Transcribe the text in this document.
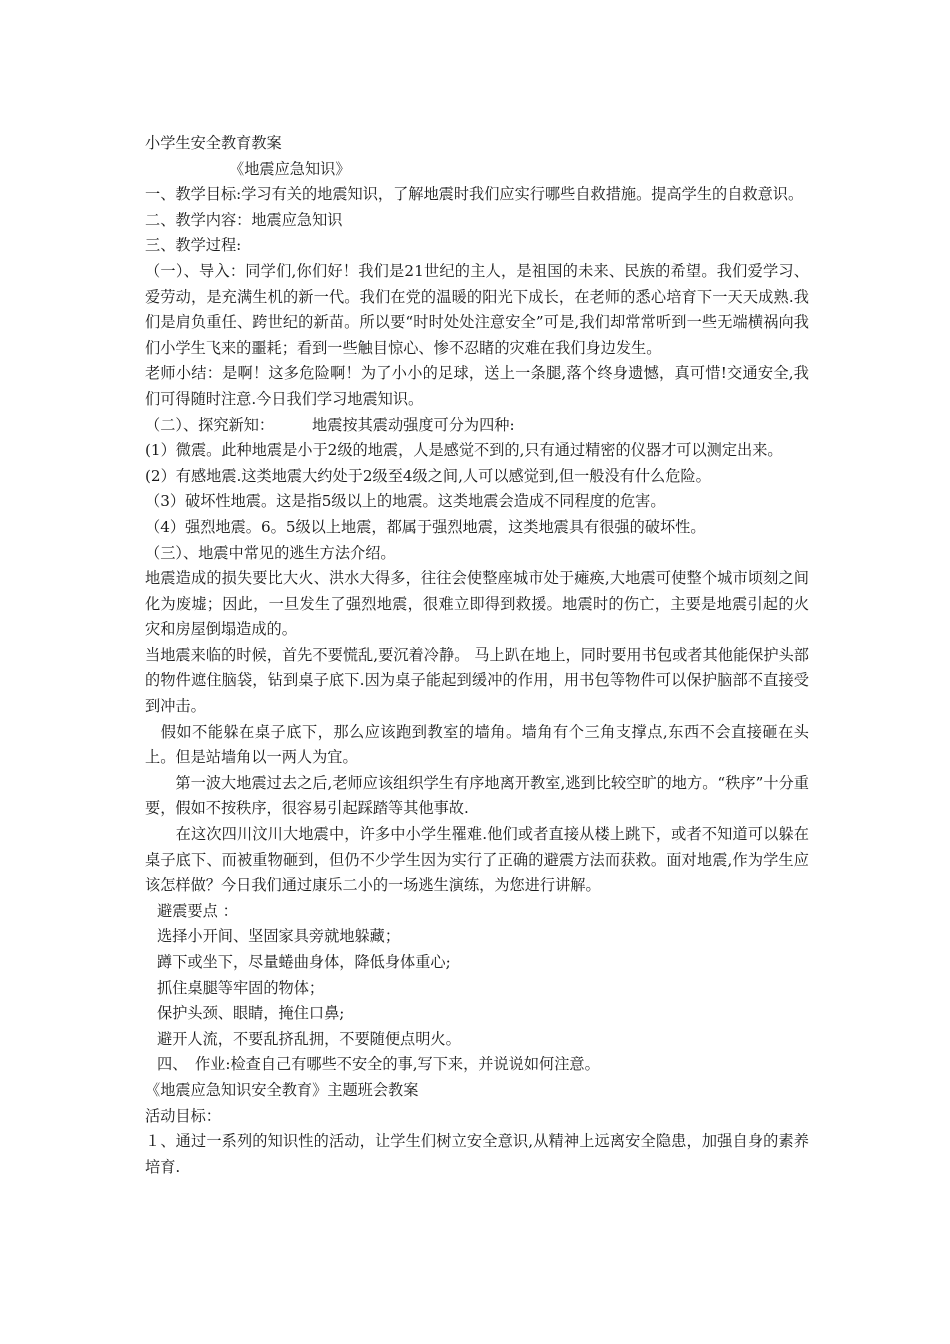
小学生安全教育教案

《地震应急知识》

一、教学目标:学习有关的地震知识，了解地震时我们应实行哪些自救措施。提高学生的自救意识。

二、教学内容：地震应急知识

三、教学过程:

（一）、导入：同学们,你们好！我们是21世纪的主人，是祖国的未来、民族的希望。我们爱学习、爱劳动，是充满生机的新一代。我们在党的温暖的阳光下成长，在老师的悉心培育下一天天成熟.我们是肩负重任、跨世纪的新苗。所以要“时时处处注意安全”可是,我们却常常听到一些无端横祸向我们小学生飞来的噩耗；看到一些触目惊心、惨不忍睹的灾难在我们身边发生。

老师小结：是啊！这多危险啊！为了小小的足球，送上一条腿,落个终身遗憾，真可惜!交通安全,我们可得随时注意.今日我们学习地震知识。

（二）、探究新知：　　　地震按其震动强度可分为四种:

(1）微震。此种地震是小于2级的地震，人是感觉不到的,只有通过精密的仪器才可以测定出来。

(2）有感地震.这类地震大约处于2级至4级之间,人可以感觉到,但一般没有什么危险。

（3）破坏性地震。这是指5级以上的地震。这类地震会造成不同程度的危害。

（4）强烈地震。6。5级以上地震，都属于强烈地震，这类地震具有很强的破坏性。

（三）、地震中常见的逃生方法介绍。

地震造成的损失要比大火、洪水大得多，往往会使整座城市处于瘫痪,大地震可使整个城市顷刻之间化为废墟；因此，一旦发生了强烈地震，很难立即得到救援。地震时的伤亡，主要是地震引起的火灾和房屋倒塌造成的。

当地震来临的时候，首先不要慌乱,要沉着冷静。 马上趴在地上，同时要用书包或者其他能保护头部的物件遮住脑袋，钻到桌子底下.因为桌子能起到缓冲的作用，用书包等物件可以保护脑部不直接受到冲击。

　假如不能躲在桌子底下，那么应该跑到教室的墙角。墙角有个三角支撑点,东西不会直接砸在头上。但是站墙角以一两人为宜。

　　第一波大地震过去之后,老师应该组织学生有序地离开教室,逃到比较空旷的地方。“秩序”十分重要，假如不按秩序，很容易引起踩踏等其他事故.

　　在这次四川汶川大地震中，许多中小学生罹难.他们或者直接从楼上跳下，或者不知道可以躲在桌子底下、而被重物砸到，但仍不少学生因为实行了正确的避震方法而获救。面对地震,作为学生应该怎样做？今日我们通过康乐二小的一场逃生演练，为您进行讲解。

避震要点 ：

选择小开间、坚固家具旁就地躲藏；

蹲下或坐下，尽量蜷曲身体，降低身体重心;

抓住桌腿等牢固的物体；

保护头颈、眼睛，掩住口鼻;

避开人流，不要乱挤乱拥，不要随便点明火。

四、　作业:检查自己有哪些不安全的事,写下来，并说说如何注意。

《地震应急知识安全教育》主题班会教案

活动目标：

１、通过一系列的知识性的活动，让学生们树立安全意识,从精神上远离安全隐患，加强自身的素养培育.
